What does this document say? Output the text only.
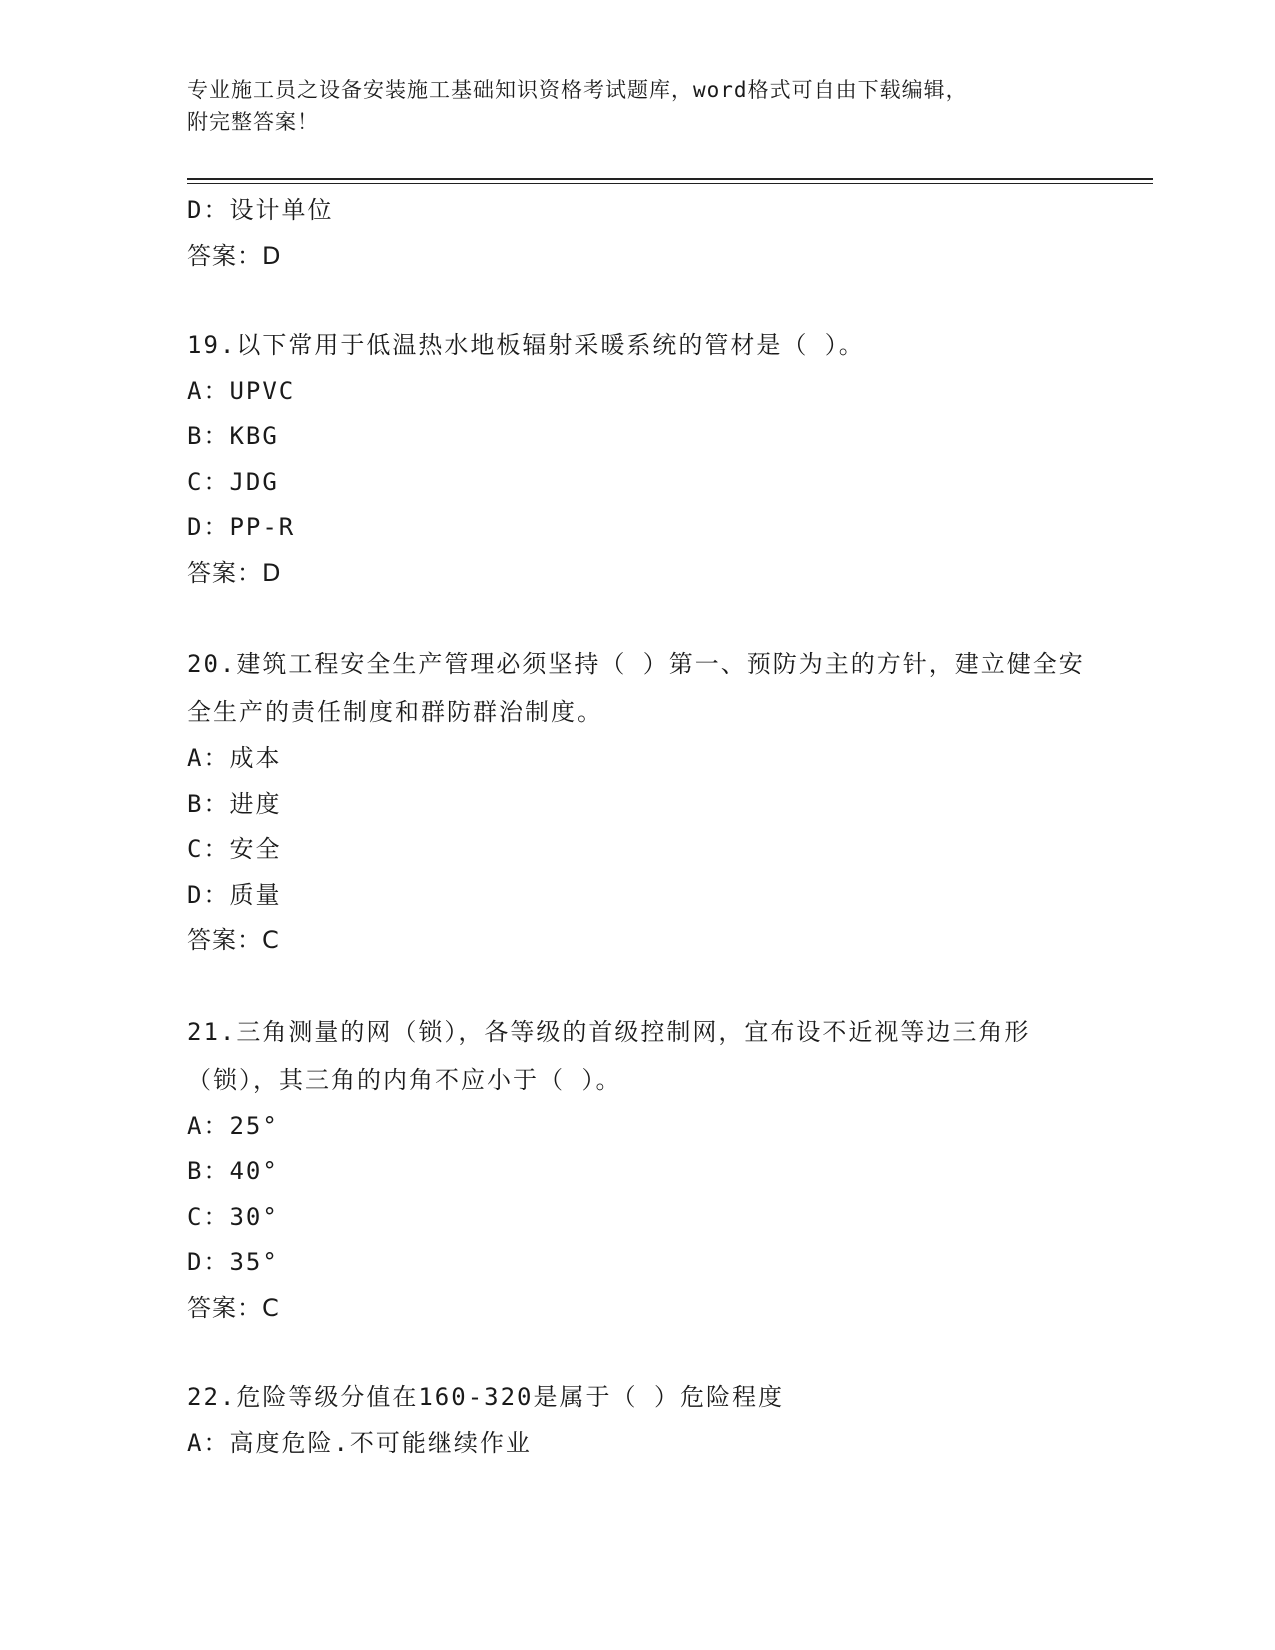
专业施工员之设备安装施工基础知识资格考试题库，word格式可自由下载编辑，
附完整答案！
D：设计单位
答案：D
19.以下常用于低温热水地板辐射采暖系统的管材是（ ）。
A：UPVC
B：KBG
C：JDG
D：PP-R
答案：D
20.建筑工程安全生产管理必须坚持（ ）第一、预防为主的方针，建立健全安全生产的责任制度和群防群治制度。
A：成本
B：进度
C：安全
D：质量
答案：C
21.三角测量的网（锁），各等级的首级控制网，宜布设不近视等边三角形（锁），其三角的内角不应小于（ ）。
A：25°
B：40°
C：30°
D：35°
答案：C
22.危险等级分值在160-320是属于（ ）危险程度
A：高度危险.不可能继续作业
